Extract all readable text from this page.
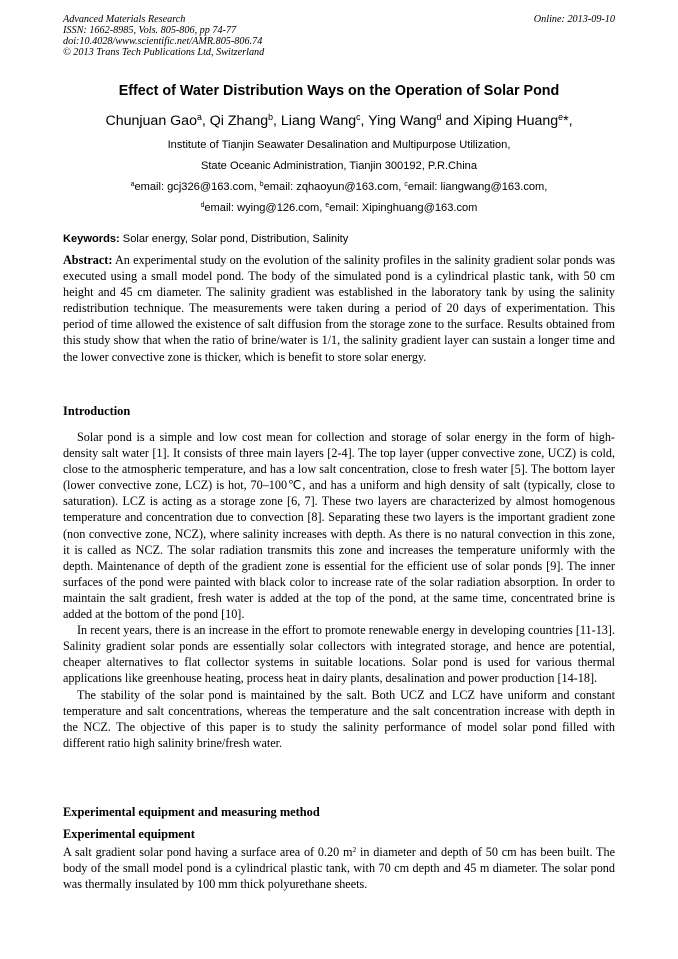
Advanced Materials Research
ISSN: 1662-8985, Vols. 805-806, pp 74-77
doi:10.4028/www.scientific.net/AMR.805-806.74
© 2013 Trans Tech Publications Ltd, Switzerland
Online: 2013-09-10
Effect of Water Distribution Ways on the Operation of Solar Pond
Chunjuan Gao$^a$, Qi Zhang$^b$, Liang Wang$^c$, Ying Wang$^d$ and Xiping Huang$^e$*,
Institute of Tianjin Seawater Desalination and Multipurpose Utilization,
State Oceanic Administration, Tianjin 300192, P.R.China
$^a$email: gcj326@163.com, $^b$email: zqhaoyun@163.com, $^c$email: liangwang@163.com,
$^d$email: wying@126.com, $^e$email: Xipinghuang@163.com
Keywords: Solar energy, Solar pond, Distribution, Salinity

Abstract: An experimental study on the evolution of the salinity profiles in the salinity gradient solar ponds was executed using a small model pond. The body of the simulated pond is a cylindrical plastic tank, with 50 cm height and 45 cm diameter. The salinity gradient was established in the laboratory tank by using the salinity redistribution technique. The measurements were taken during a period of 20 days of experimentation. This period of time allowed the existence of salt diffusion from the storage zone to the surface. Results obtained from this study show that when the ratio of brine/water is 1/1, the salinity gradient layer can sustain a longer time and the lower convective zone is thicker, which is benefit to store solar energy.

Introduction

Solar pond is a simple and low cost mean for collection and storage of solar energy in the form of high-density salt water [1]. It consists of three main layers [2-4]. The top layer (upper convective zone, UCZ) is cold, close to the atmospheric temperature, and has a low salt concentration, close to fresh water [5]. The bottom layer (lower convective zone, LCZ) is hot, 70–100℃, and has a uniform and high density of salt (typically, close to saturation). LCZ is acting as a storage zone [6, 7]. These two layers are characterized by almost homogenous temperature and concentration due to convection [8]. Separating these two layers is the important gradient zone (non convective zone, NCZ), where salinity increases with depth. As there is no natural convection in this zone, it is called as NCZ. The solar radiation transmits this zone and increases the temperature uniformly with the depth. Maintenance of depth of the gradient zone is essential for the efficient use of solar ponds [9]. The inner surfaces of the pond were painted with black color to increase rate of the solar radiation absorption. In order to maintain the salt gradient, fresh water is added at the top of the pond, at the same time, concentrated brine is added at the bottom of the pond [10].

In recent years, there is an increase in the effort to promote renewable energy in developing countries [11-13]. Salinity gradient solar ponds are essentially solar collectors with integrated storage, and hence are potential, cheaper alternatives to flat collector systems in suitable locations. Solar pond is used for various thermal applications like greenhouse heating, process heat in dairy plants, desalination and power production [14-18].

The stability of the solar pond is maintained by the salt. Both UCZ and LCZ have uniform and constant temperature and salt concentrations, whereas the temperature and the salt concentration increase with depth in the NCZ. The objective of this paper is to study the salinity performance of model solar pond filled with different ratio high salinity brine/fresh water.

Experimental equipment and measuring method
Experimental equipment

A salt gradient solar pond having a surface area of 0.20 $m^2$ in diameter and depth of 50 cm has been built. The body of the small model pond is a cylindrical plastic tank, with 70 cm depth and 45 m diameter. The solar pond was thermally insulated by 100 mm thick polyurethane sheets.
